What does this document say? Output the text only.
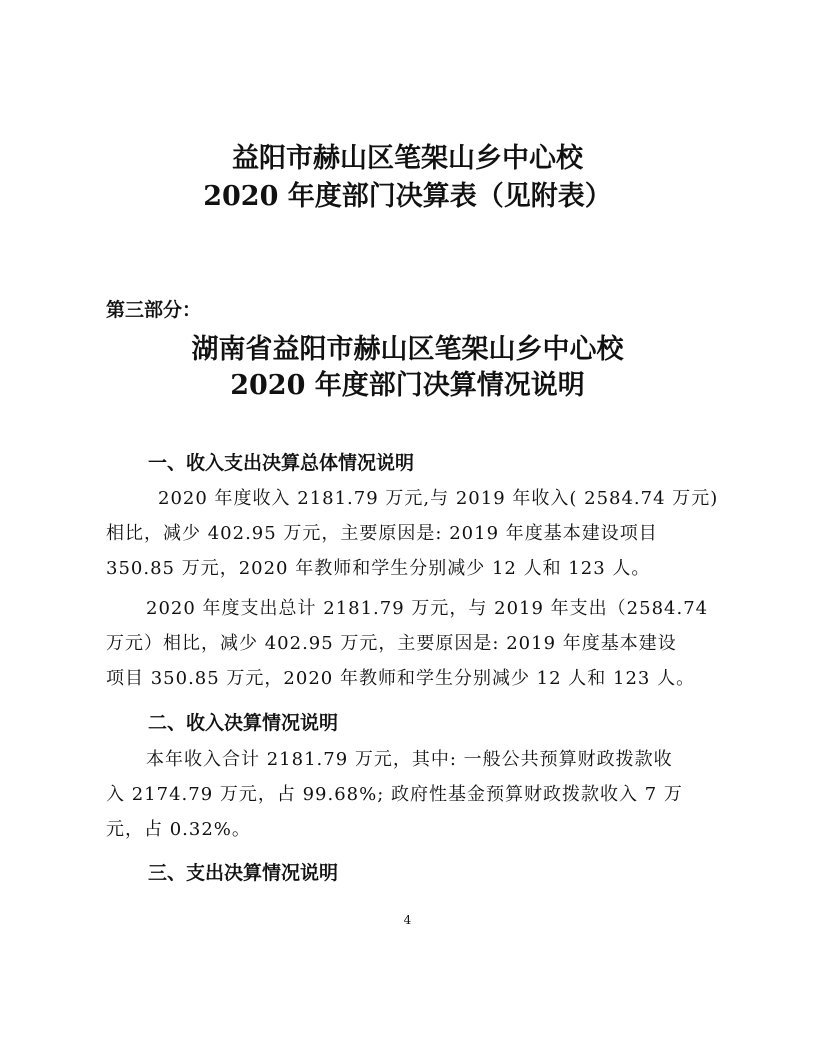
益阳市赫山区笔架山乡中心校
2020 年度部门决算表（见附表）
第三部分：
湖南省益阳市赫山区笔架山乡中心校
2020 年度部门决算情况说明
一、收入支出决算总体情况说明
2020 年度收入 2181.79 万元,与 2019 年收入( 2584.74 万元)
相比，减少 402.95 万元，主要原因是: 2019 年度基本建设项目
350.85 万元，2020 年教师和学生分别减少 12 人和 123 人。
2020 年度支出总计 2181.79 万元，与 2019 年支出（2584.74
万元）相比，减少 402.95 万元，主要原因是: 2019 年度基本建设
项目 350.85 万元，2020 年教师和学生分别减少 12 人和 123 人。
二、收入决算情况说明
本年收入合计 2181.79 万元，其中: 一般公共预算财政拨款收
入 2174.79 万元，占 99.68%; 政府性基金预算财政拨款收入 7 万
元，占 0.32%。
三、支出决算情况说明
4
